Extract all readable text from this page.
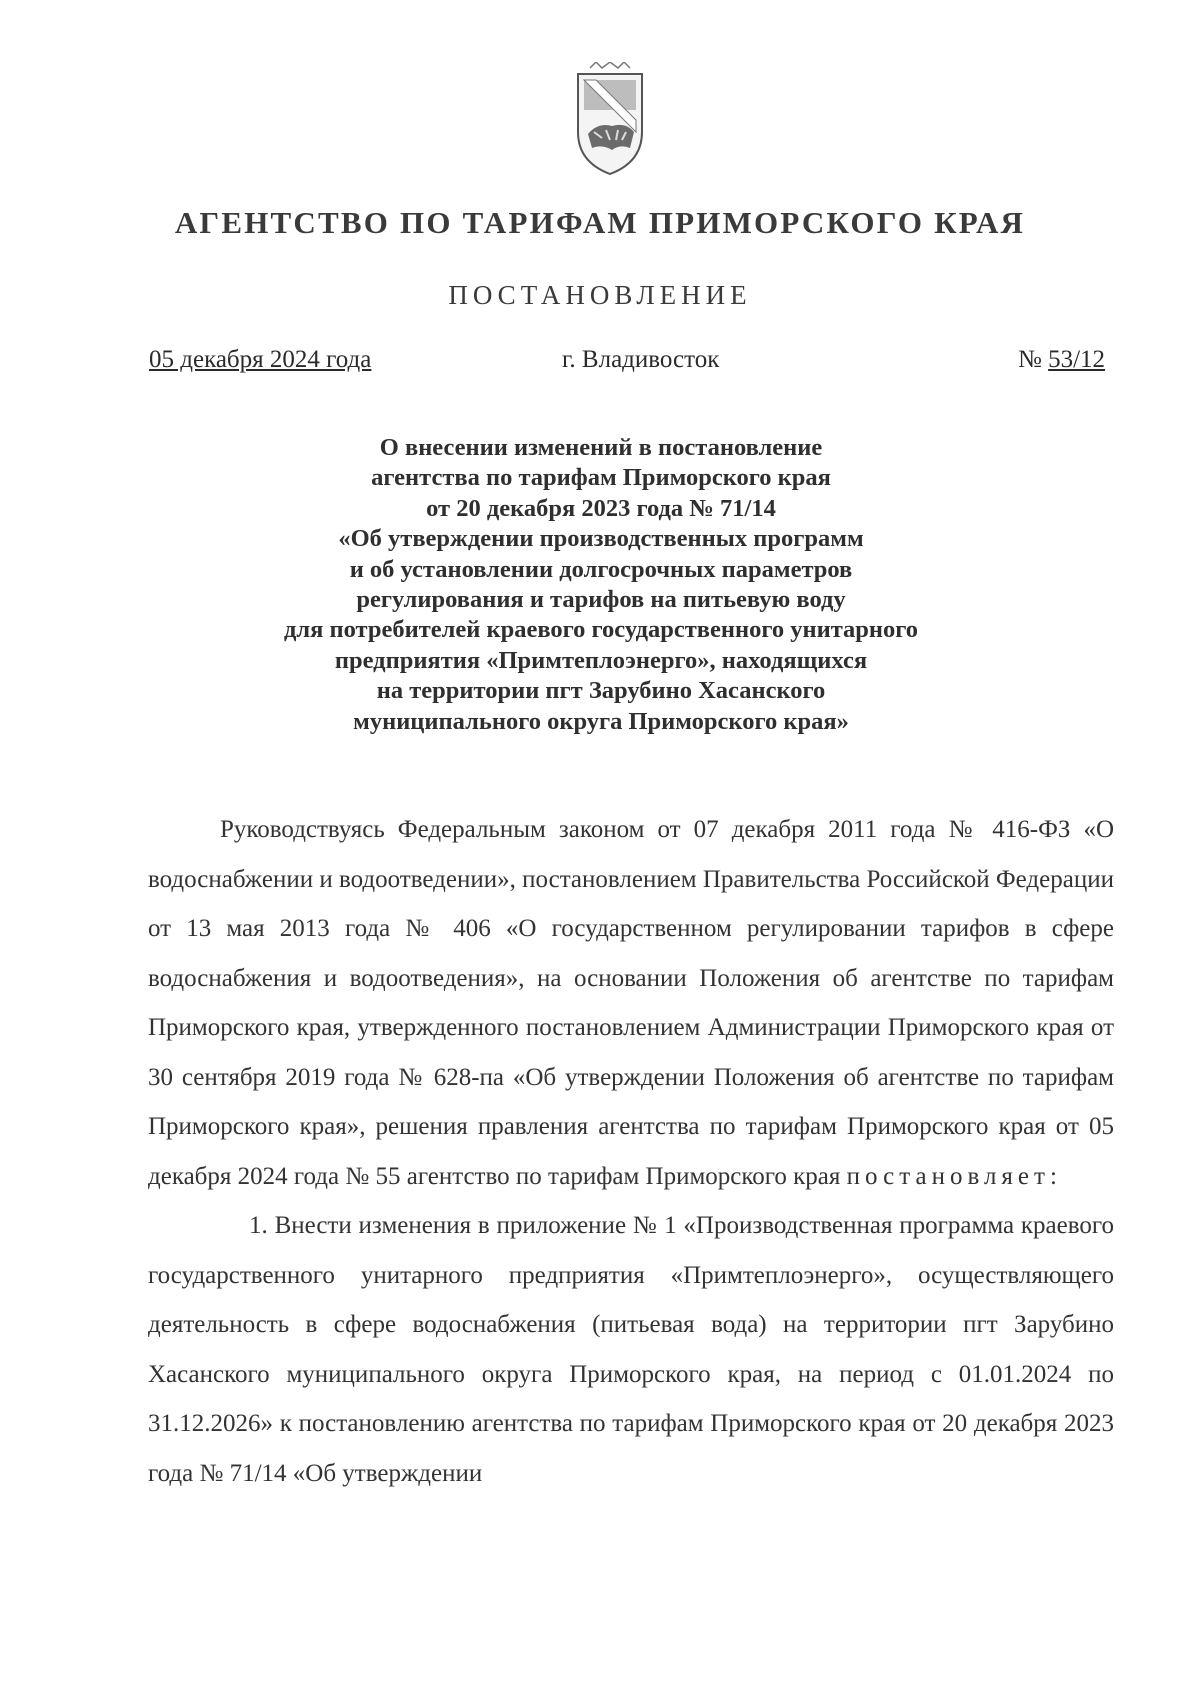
АГЕНТСТВО ПО ТАРИФАМ ПРИМОРСКОГО КРАЯ
ПОСТАНОВЛЕНИЕ
05 декабря 2024 года	г. Владивосток	№ 53/12
О внесении изменений в постановление
агентства по тарифам Приморского края
от 20 декабря 2023 года № 71/14
«Об утверждении производственных программ
и об установлении долгосрочных параметров
регулирования и тарифов на питьевую воду
для потребителей краевого государственного унитарного
предприятия «Примтеплоэнерго», находящихся
на территории пгт Зарубино Хасанского
муниципального округа Приморского края»

Руководствуясь Федеральным законом от 07 декабря 2011 года № 416-ФЗ «О водоснабжении и водоотведении», постановлением Правительства Российской Федерации от 13 мая 2013 года № 406 «О государственном регулировании тарифов в сфере водоснабжения и водоотведения», на основании Положения об агентстве по тарифам Приморского края, утвержденного постановлением Администрации Приморского края от 30 сентября 2019 года № 628-па «Об утверждении Положения об агентстве по тарифам Приморского края», решения правления агентства по тарифам Приморского края от 05 декабря 2024 года № 55 агентство по тарифам Приморского края постановляет:

1. Внести изменения в приложение № 1 «Производственная программа краевого государственного унитарного предприятия «Примтеплоэнерго», осуществляющего деятельность в сфере водоснабжения (питьевая вода) на территории пгт Зарубино Хасанского муниципального округа Приморского края, на период с 01.01.2024 по 31.12.2026» к постановлению агентства по тарифам Приморского края от 20 декабря 2023 года № 71/14 «Об утверждении
